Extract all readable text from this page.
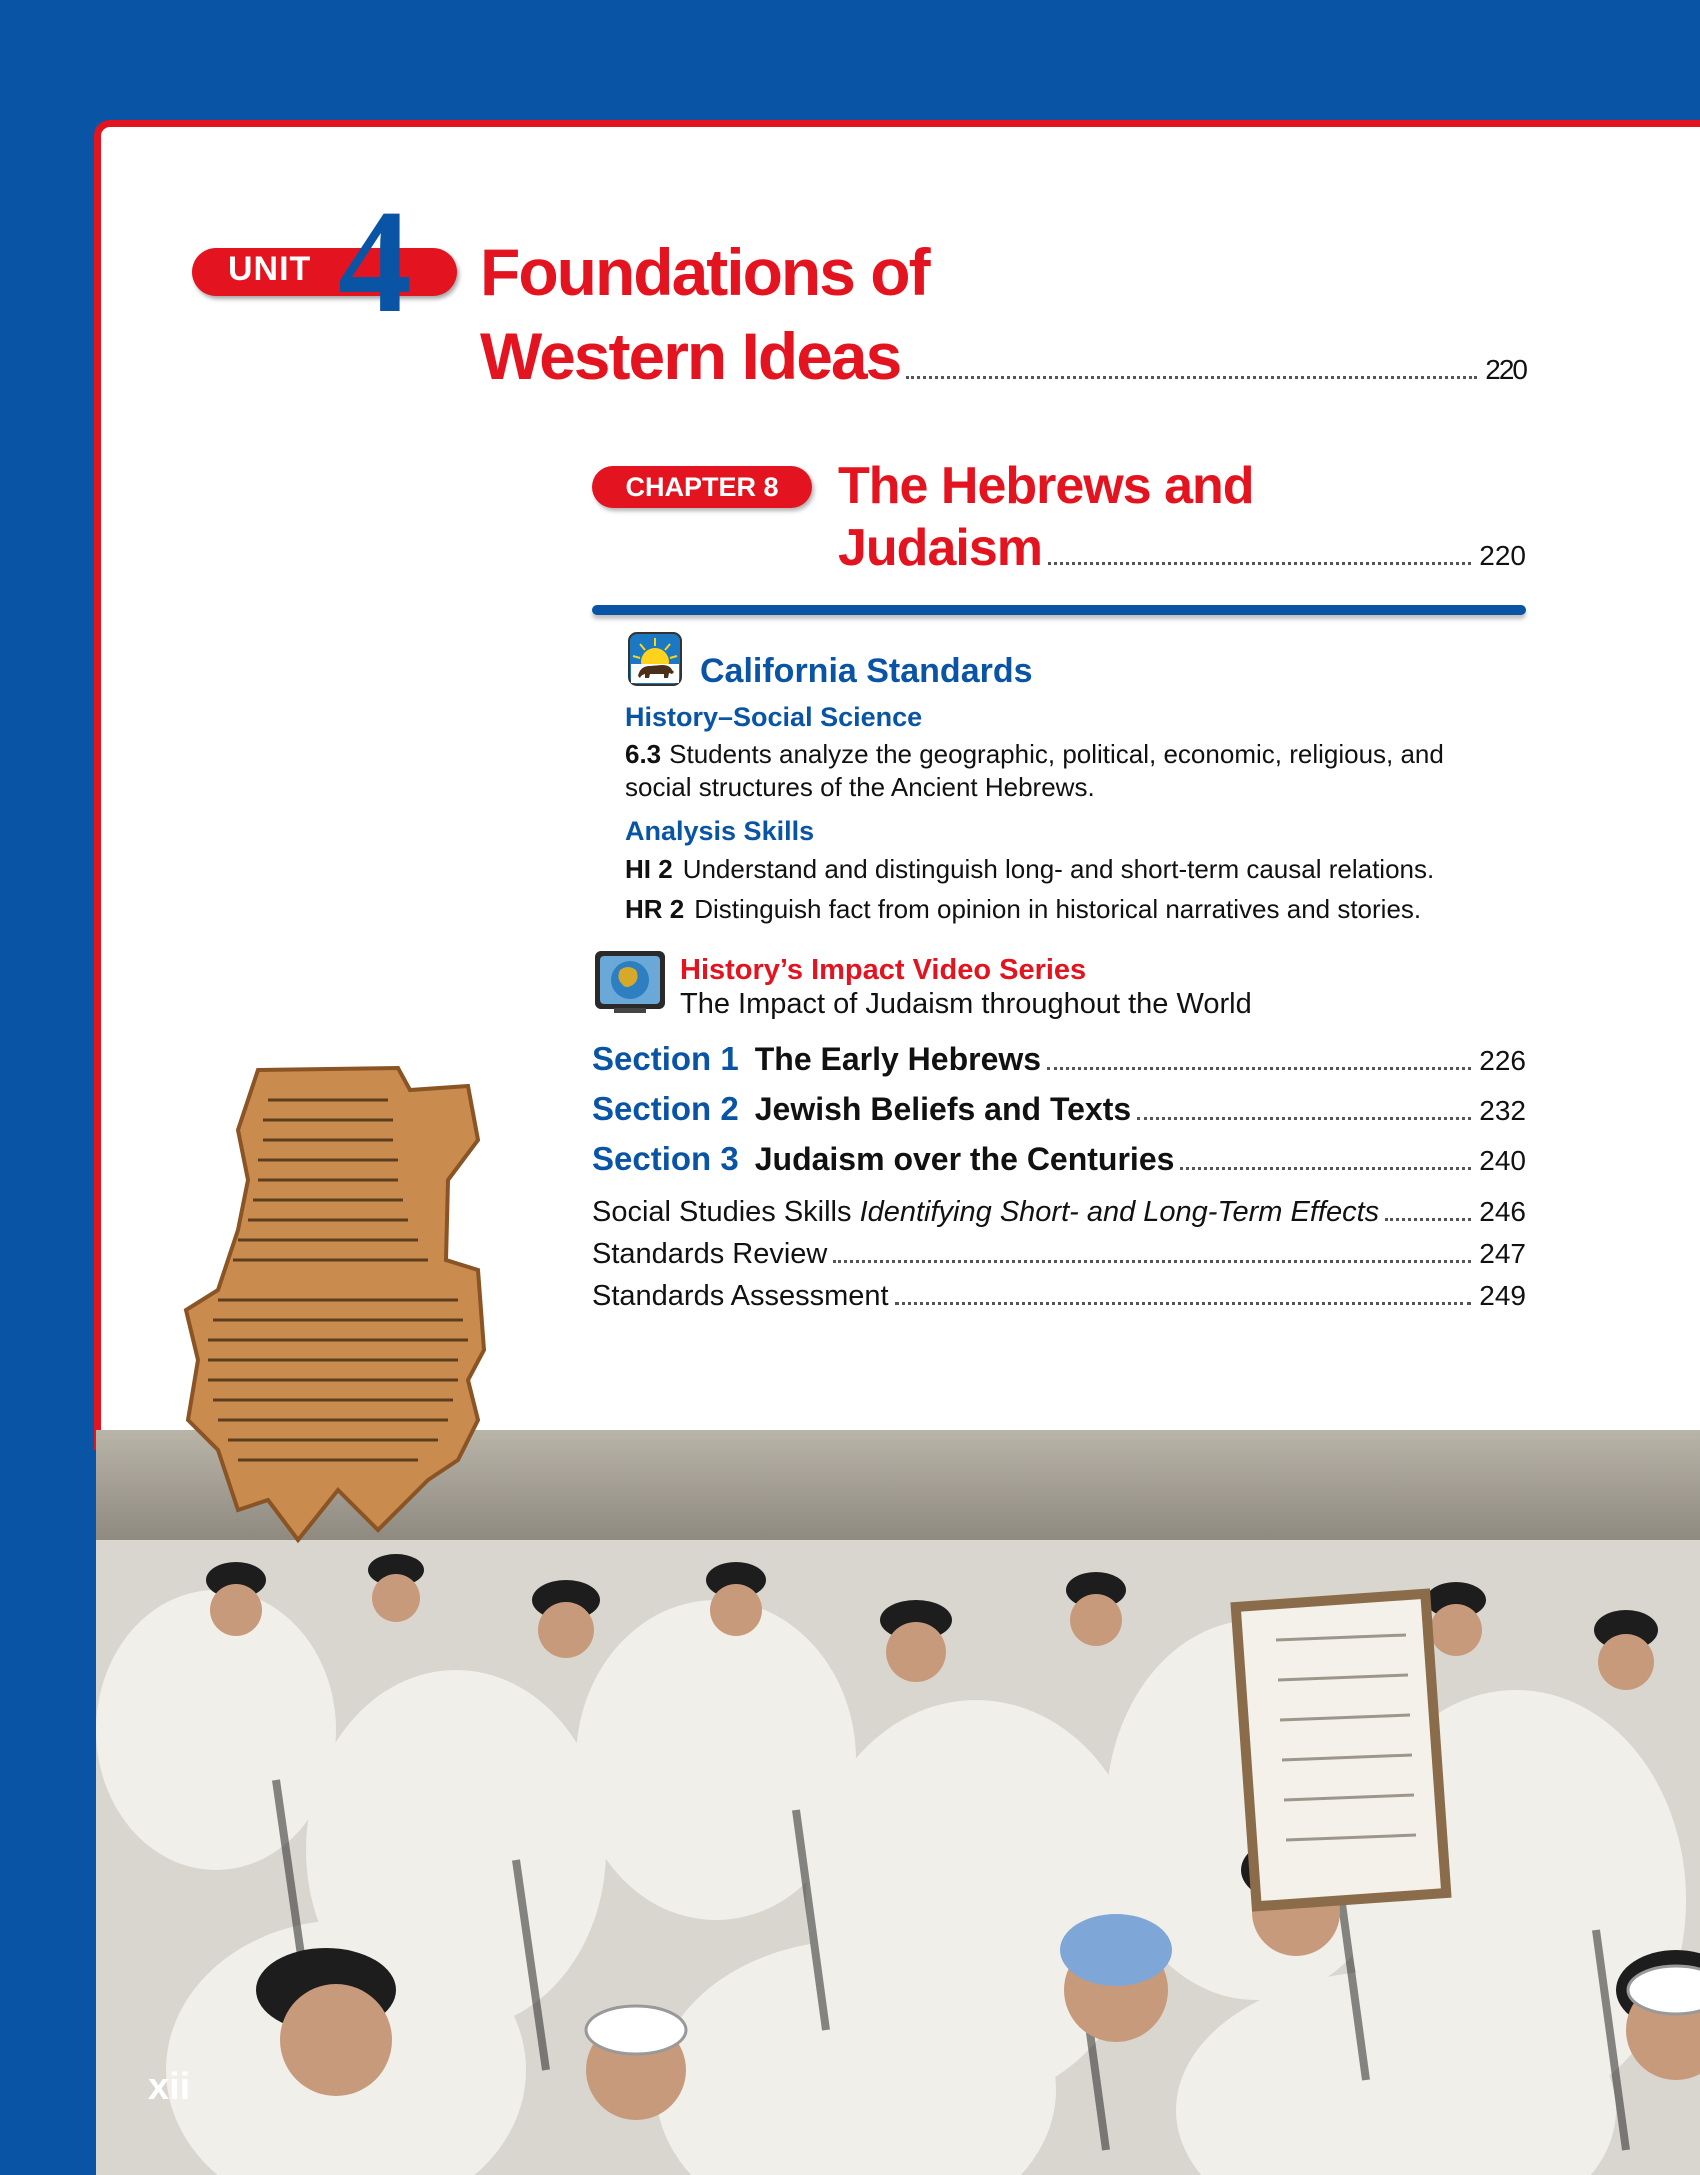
UNIT 4 Foundations of
Western Ideas	220
CHAPTER 8	The Hebrews and
Judaism	220
California Standards
History–Social Science
6.3 Students analyze the geographic, political, economic, religious, and social structures of the Ancient Hebrews.
Analysis Skills
HI 2 Understand and distinguish long- and short-term causal relations.
HR 2 Distinguish fact from opinion in historical narratives and stories.
History’s Impact Video Series
The Impact of Judaism throughout the World
Section 1 The Early Hebrews	226
Section 2 Jewish Beliefs and Texts	232
Section 3 Judaism over the Centuries	240
Social Studies Skills Identifying Short- and Long-Term Effects	246
Standards Review	247
Standards Assessment	249
xii
